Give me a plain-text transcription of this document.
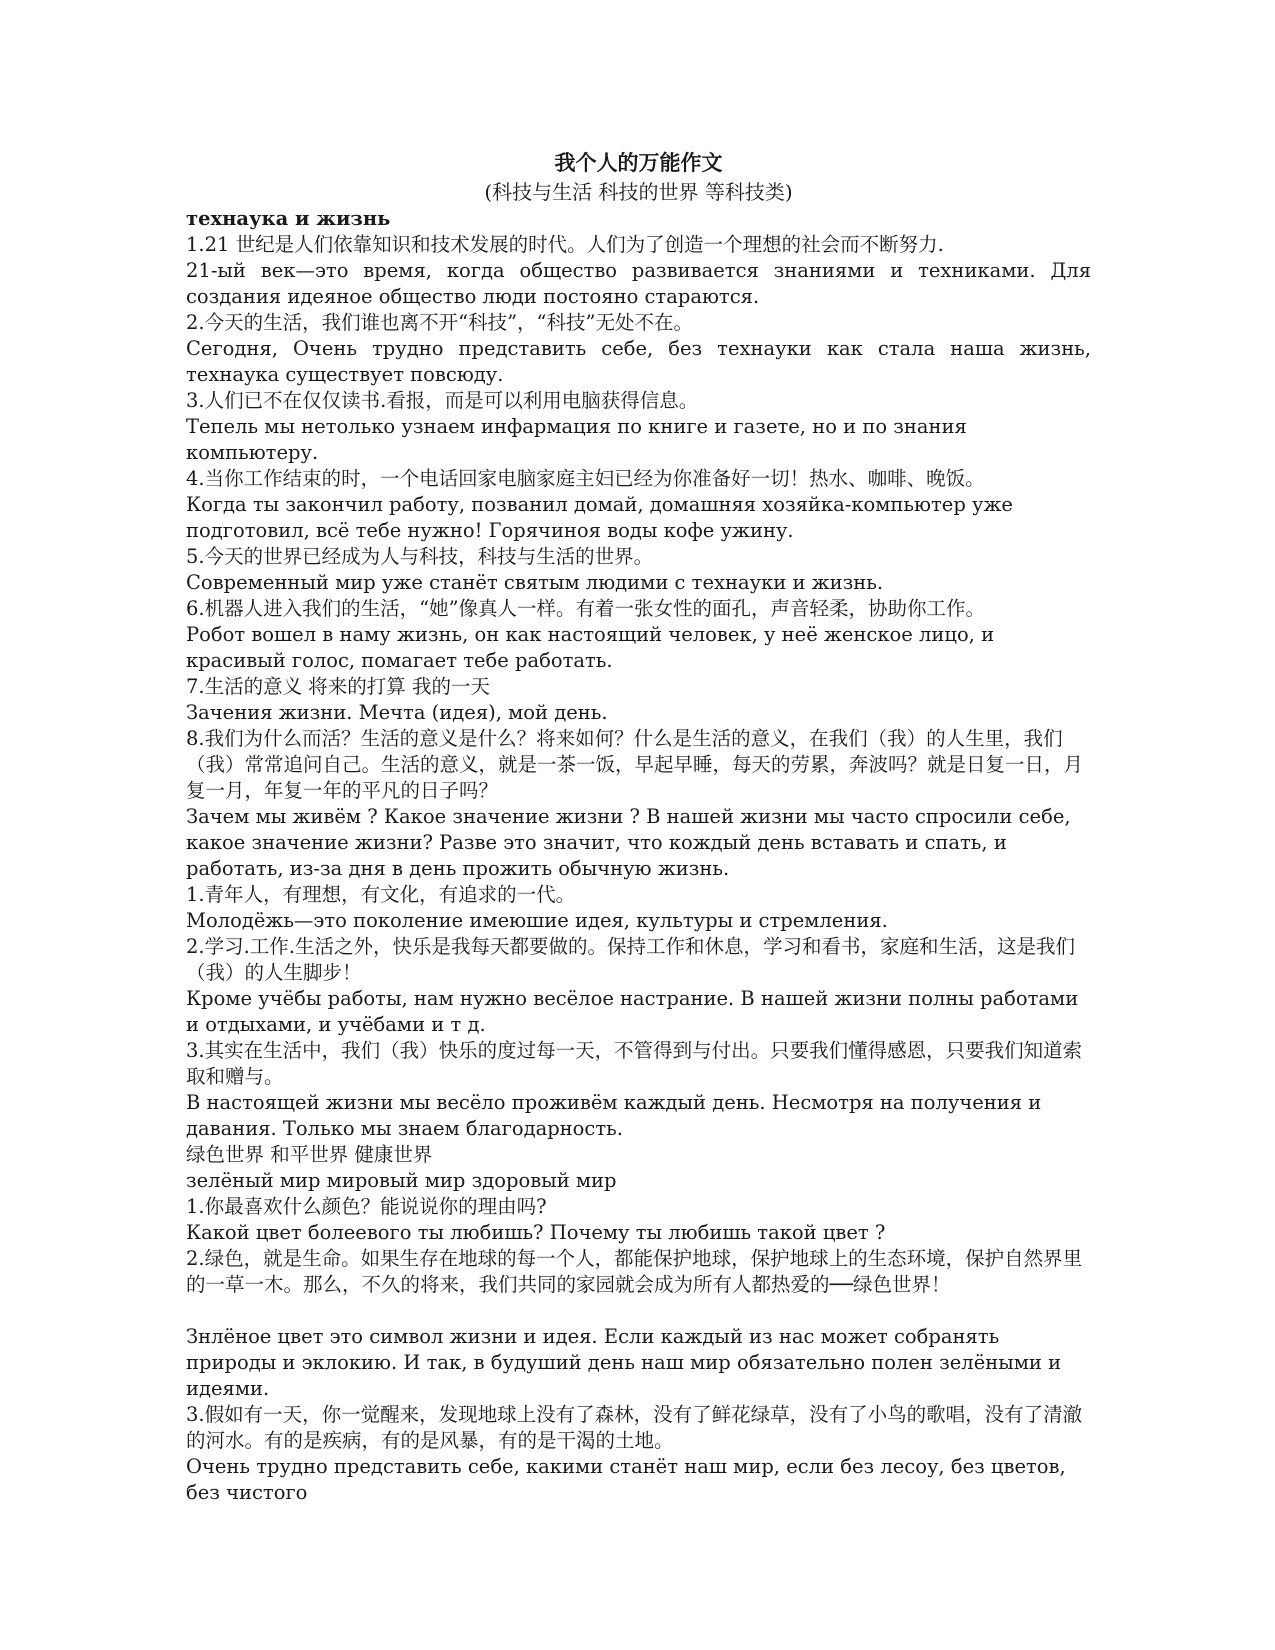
我个人的万能作文

(科技与生活 科技的世界 等科技类)

технаука и жизнь

1.21 世纪是人们依靠知识和技术发展的时代。人们为了创造一个理想的社会而不断努力.

21-ый век—это время, когда общество развивается знаниями и техниками. Для создания идеяное общество люди постояно стараются.

2.今天的生活，我们谁也离不开“科技”，“科技”无处不在。

Сегодня, Очень трудно представить себе, без технауки как стала наша жизнь, технаука существует повсюду.

3.人们已不在仅仅读书.看报，而是可以利用电脑获得信息。

Тепель мы нетолько узнаем инфармация по книге и газете, но и по знания компьютеру.

4.当你工作结束的时，一个电话回家电脑家庭主妇已经为你准备好一切！热水、咖啡、晚饭。

Когда ты закончил работу, позванил домай, домашняя хозяйка-компьютер уже подготовил, всё тебе нужно! Горячиноя воды кофе ужину.

5.今天的世界已经成为人与科技，科技与生活的世界。

Современный мир уже станёт святым людими с технауки и жизнь.

6.机器人进入我们的生活，“她”像真人一样。有着一张女性的面孔，声音轻柔，协助你工作。

Робот вошел в наму жизнь, он как настоящий человек, у неё женское лицо, и красивый голос, помагает тебе работать.

7.生活的意义 将来的打算 我的一天

Зачения жизни. Мечта (идея), мой день.

8.我们为什么而活？生活的意义是什么？将来如何？什么是生活的意义，在我们（我）的人生里，我们（我）常常追问自己。生活的意义，就是一茶一饭，早起早睡，每天的劳累，奔波吗？就是日复一日，月复一月，年复一年的平凡的日子吗？

Зачем мы живём ? Какое значение жизни ? В нашей жизни мы часто спросили себе, какое значение жизни? Разве это значит, что кождый день вставать и спать, и работать, из-за дня в день прожить обычную жизнь.

1.青年人，有理想，有文化，有追求的一代。

Молодёжь—это поколение имеюшие идея, культуры и стремления.

2.学习.工作.生活之外，快乐是我每天都要做的。保持工作和休息，学习和看书，家庭和生活，这是我们（我）的人生脚步！

Кроме учёбы работы, нам нужно весёлое настрание. В нашей жизни полны работами и отдыхами, и учёбами и т д.

3.其实在生活中，我们（我）快乐的度过每一天，不管得到与付出。只要我们懂得感恩，只要我们知道索取和赠与。

В настоящей жизни мы весёло проживём каждый день. Несмотря на получения и давания. Только мы знаем благодарность.

绿色世界 和平世界 健康世界

зелёный мир мировый мир здоровый мир

1.你最喜欢什么颜色？能说说你的理由吗?

Какой цвет болеевого ты любишь? Почему ты любишь такой цвет ?

2.绿色，就是生命。如果生存在地球的每一个人，都能保护地球，保护地球上的生态环境，保护自然界里的一草一木。那么，不久的将来，我们共同的家园就会成为所有人都热爱的──绿色世界！

Знлёное цвет это символ жизни и идея. Если каждый из нас может собранять природы и эклокию. И так, в будуший день наш мир обязательно полен зелёными и идеями.

3.假如有一天，你一觉醒来，发现地球上没有了森林，没有了鲜花绿草，没有了小鸟的歌唱，没有了清澈的河水。有的是疾病，有的是风暴，有的是干渴的土地。

Очень трудно представить себе, какими станёт наш мир, если без лесоу, без цветов, без чистого
